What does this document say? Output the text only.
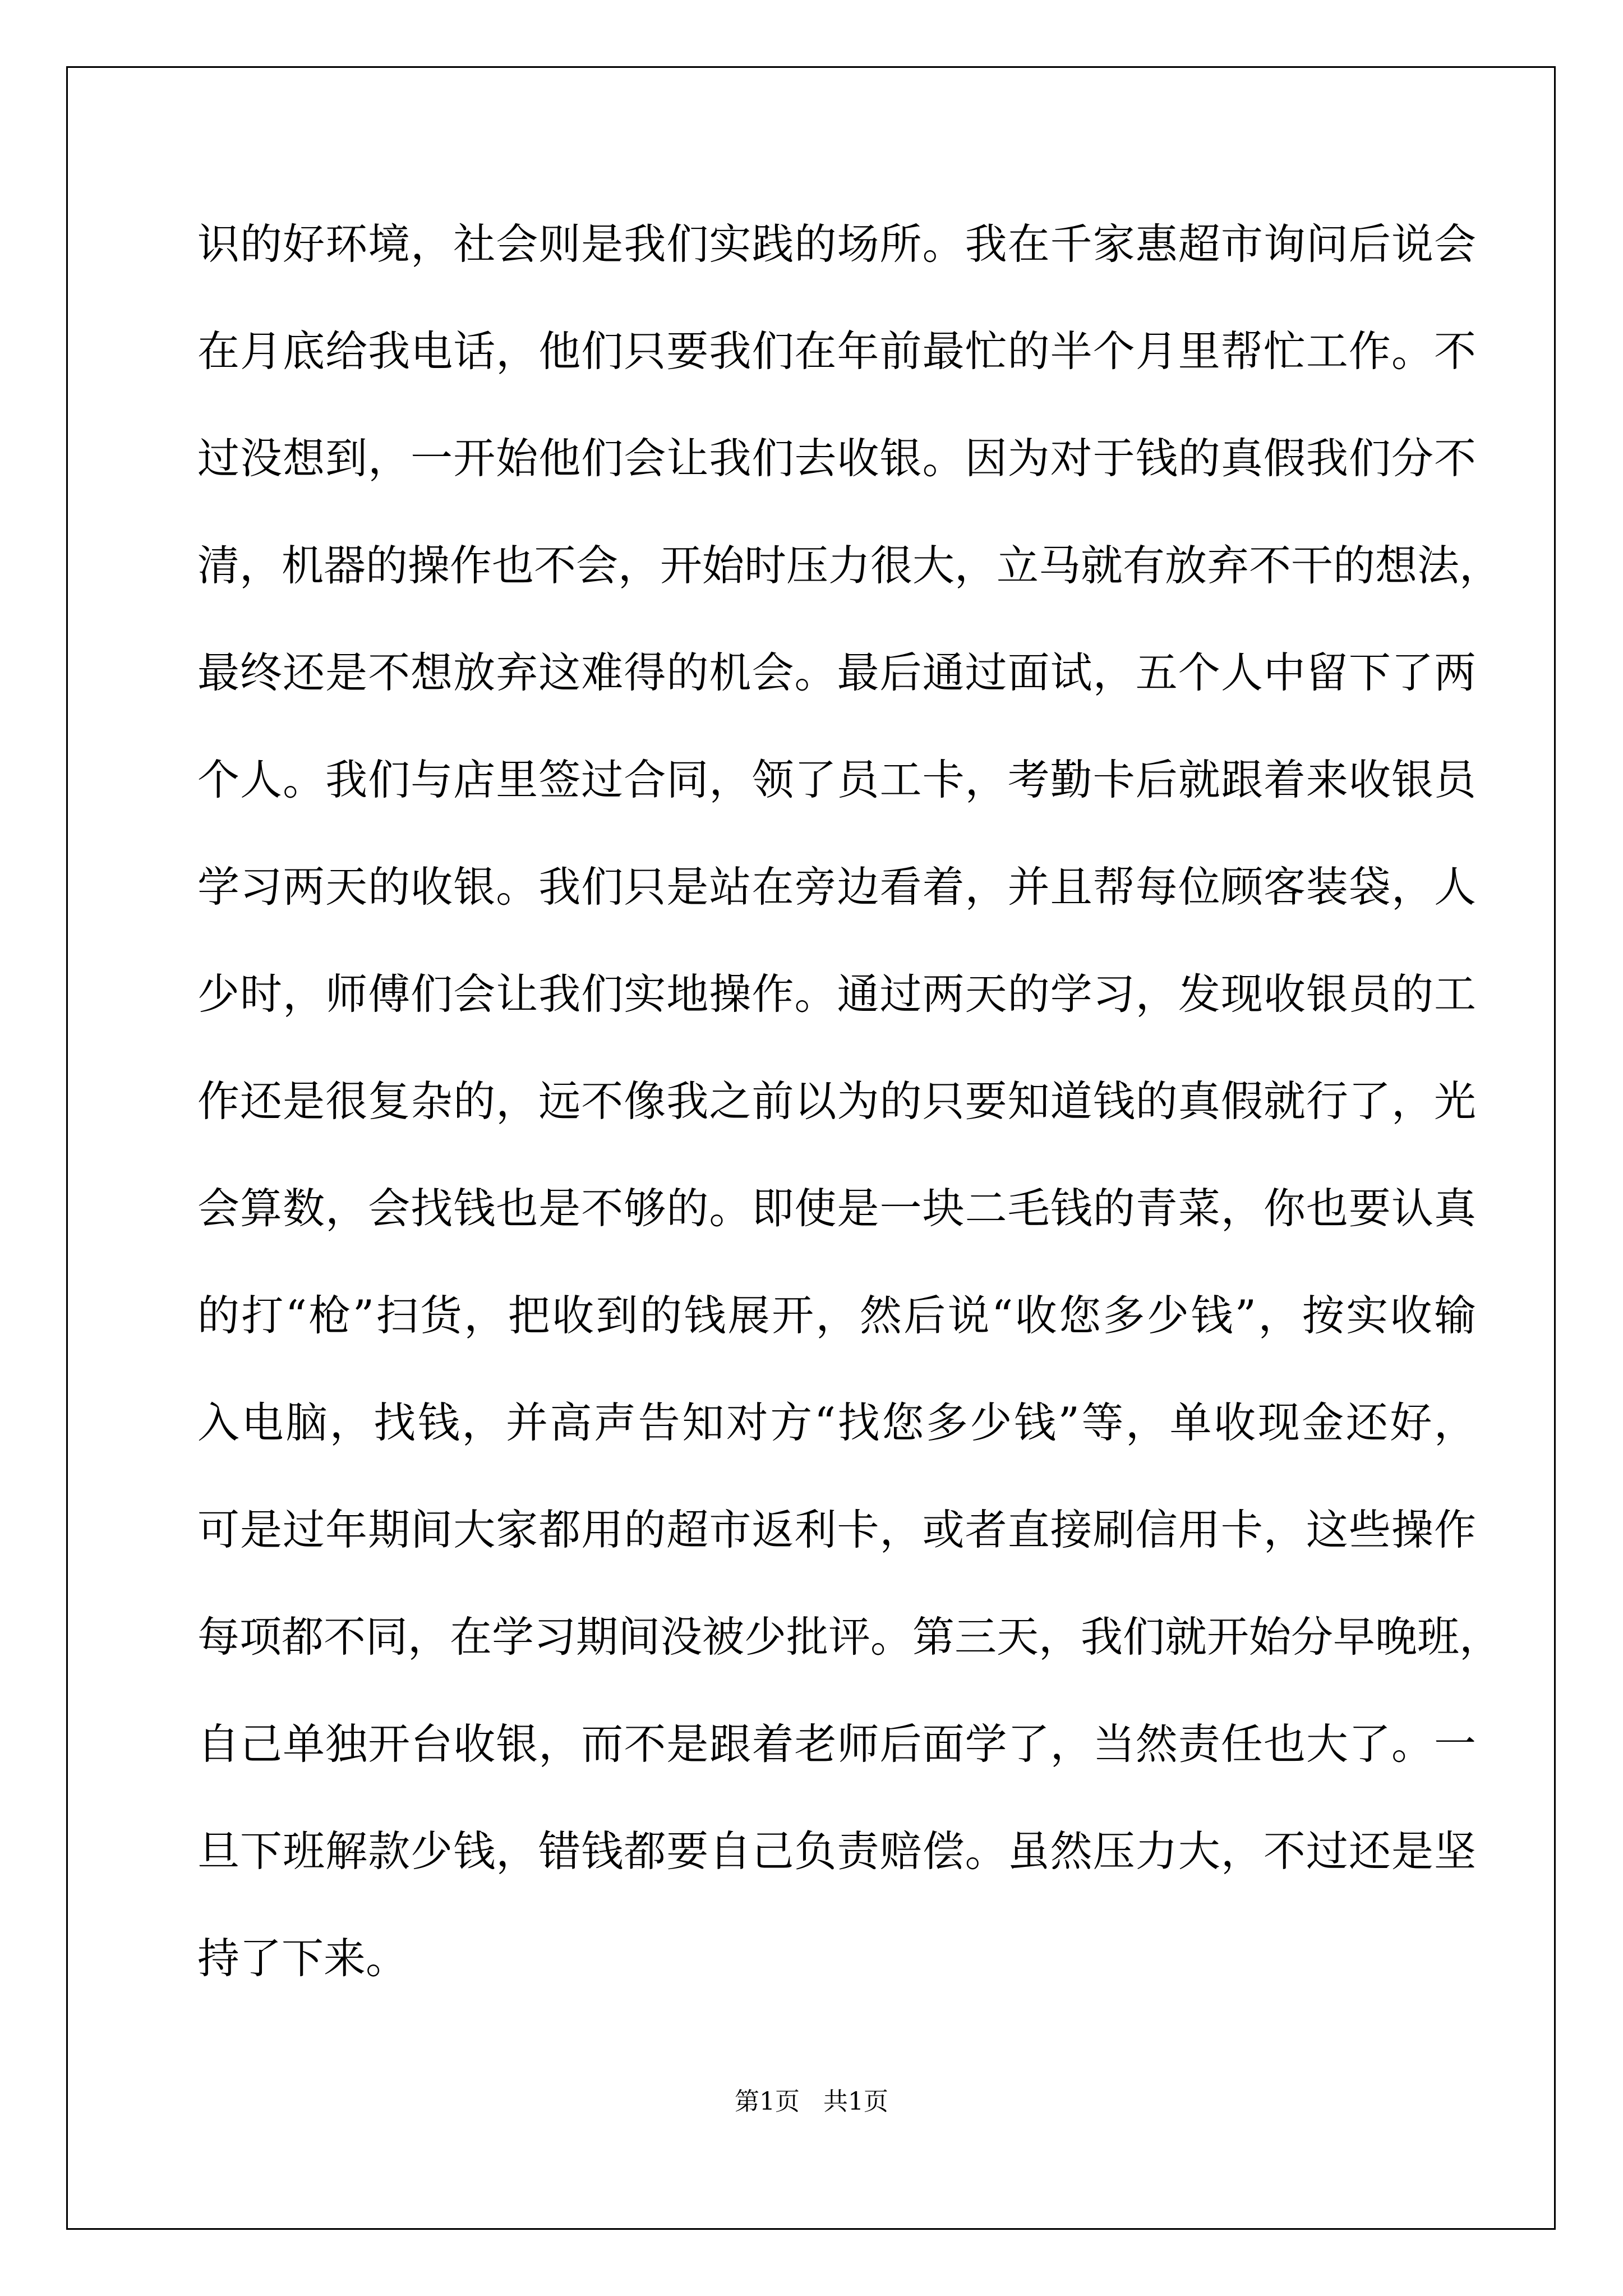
识的好环境，社会则是我们实践的场所。我在千家惠超市询问后说会
在月底给我电话，他们只要我们在年前最忙的半个月里帮忙工作。不
过没想到，一开始他们会让我们去收银。因为对于钱的真假我们分不
清，机器的操作也不会，开始时压力很大，立马就有放弃不干的想法，
最终还是不想放弃这难得的机会。最后通过面试，五个人中留下了两
个人。我们与店里签过合同，领了员工卡，考勤卡后就跟着来收银员
学习两天的收银。我们只是站在旁边看着，并且帮每位顾客装袋，人
少时，师傅们会让我们实地操作。通过两天的学习，发现收银员的工
作还是很复杂的，远不像我之前以为的只要知道钱的真假就行了，光
会算数，会找钱也是不够的。即使是一块二毛钱的青菜，你也要认真
的打“枪”扫货，把收到的钱展开，然后说“收您多少钱”，按实收输
入电脑，找钱，并高声告知对方“找您多少钱”等，单收现金还好，
可是过年期间大家都用的超市返利卡，或者直接刷信用卡，这些操作
每项都不同，在学习期间没被少批评。第三天，我们就开始分早晚班，
自己单独开台收银，而不是跟着老师后面学了，当然责任也大了。一
旦下班解款少钱，错钱都要自己负责赔偿。虽然压力大，不过还是坚
持了下来。
第1页   共1页
